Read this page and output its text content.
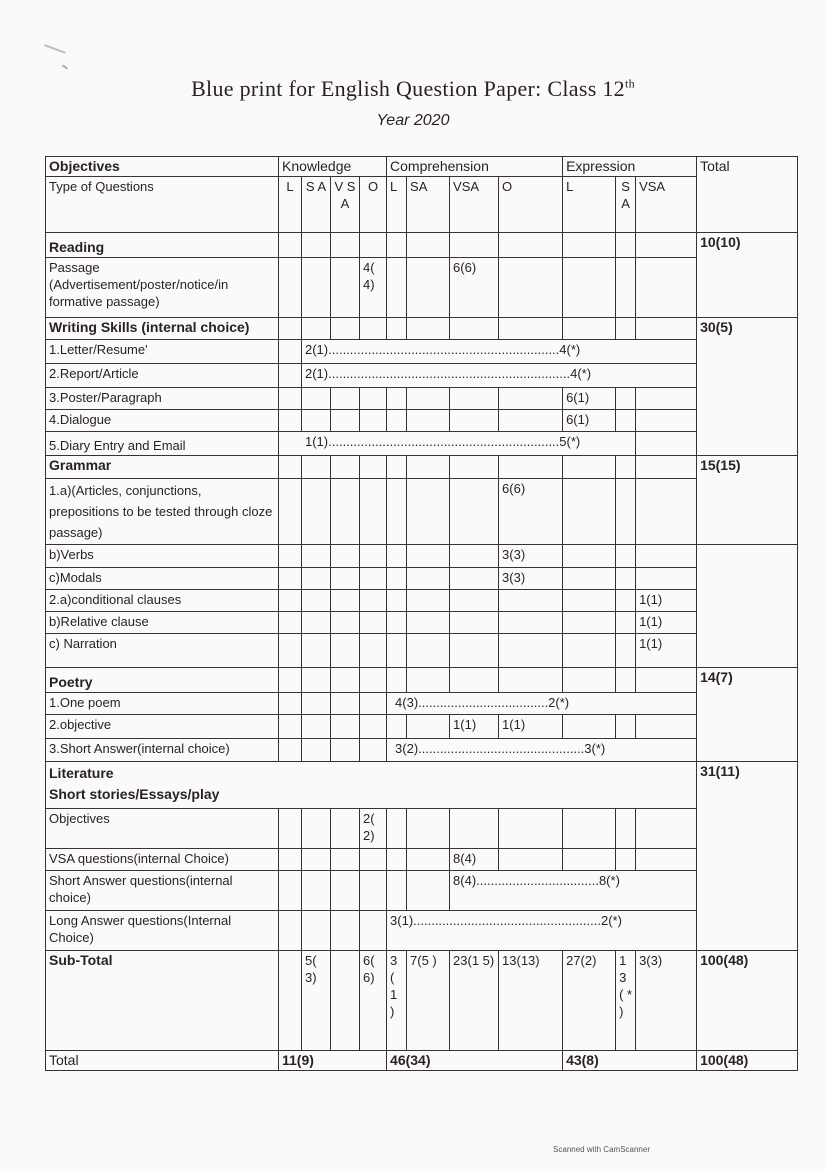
Blue print for English Question Paper: Class 12th
Year 2020
Objectives	Knowledge				Comprehension				Expression			Total	
Type of Questions	L	S A	V S A	O	L	SA	VSA	O	L	S A	VSA		
Reading												10(10)	
Passage (Advertisement/poster/notice/in formative passage)				4( 4)			6(6)						
Writing Skills (internal choice)												30(5)	
1.Letter/Resume'		2(1)................................................................4(*)											
2.Report/Article		2(1)...................................................................4(*)											
3.Poster/Paragraph									6(1)				
4.Dialogue									6(1)				
5.Diary Entry and Email	1(1)................................................................5(*)												
Grammar												15(15)	
1.a)(Articles, conjunctions, prepositions to be tested through cloze passage)								6(6)					
b)Verbs								3(3)					
c)Modals								3(3)					
2.a)conditional clauses											1(1)		
b)Relative clause											1(1)		
c) Narration											1(1)		
Poetry												14(7)	
1.One poem					4(3)....................................2(*)								
2.objective							1(1)	1(1)					
3.Short Answer(internal choice)					3(2)..............................................3(*)								

Literature
Short stories/Essays/play												31(11)	
Objectives				2( 2)									
VSA questions(internal Choice)							8(4)						
Short Answer questions(internal choice)							8(4)..................................8(*)						
Long Answer questions(Internal Choice)					3(1)....................................................2(*)								
Sub-Total		5( 3)		6( 6)	3 ( 1 )	7(5 )	23(1 5)	13(13)	27(2)	1 3 ( * )	3(3)	100(48)	
Total	11(9)				46(34)				43(8)			100(48)	
Scanned with CamScanner
